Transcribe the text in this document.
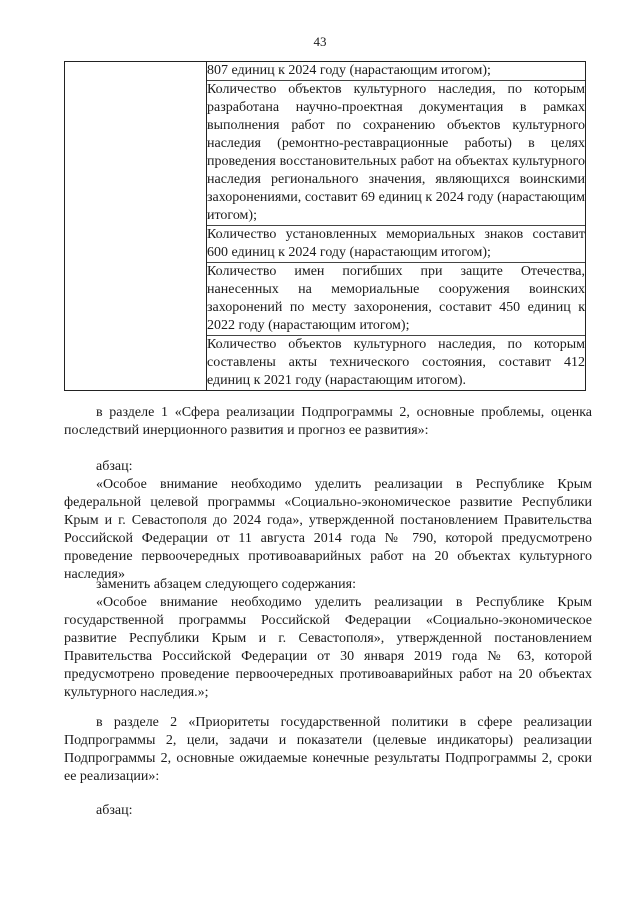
43

807 единиц к 2024 году (нарастающим итогом);
Количество объектов культурного наследия, по которым разработана научно-проектная документация в рамках выполнения работ по сохранению объектов культурного наследия (ремонтно-реставрационные работы) в целях проведения восстановительных работ на объектах культурного наследия регионального значения, являющихся воинскими захоронениями, составит 69 единиц к 2024 году (нарастающим итогом);
Количество установленных мемориальных знаков составит 600 единиц к 2024 году (нарастающим итогом);
Количество имен погибших при защите Отечества, нанесенных на мемориальные сооружения воинских захоронений по месту захоронения, составит 450 единиц к 2022 году (нарастающим итогом);
Количество объектов культурного наследия, по которым составлены акты технического состояния, составит 412 единиц к 2021 году (нарастающим итогом).
в разделе 1 «Сфера реализации Подпрограммы 2, основные проблемы, оценка последствий инерционного развития и прогноз ее развития»:
абзац:
«Особое внимание необходимо уделить реализации в Республике Крым федеральной целевой программы «Социально-экономическое развитие Республики Крым и г. Севастополя до 2024 года», утвержденной постановлением Правительства Российской Федерации от 11 августа 2014 года № 790, которой предусмотрено проведение первоочередных противоаварийных работ на 20 объектах культурного наследия»
заменить абзацем следующего содержания:
«Особое внимание необходимо уделить реализации в Республике Крым государственной программы Российской Федерации «Социально-экономическое развитие Республики Крым и г. Севастополя», утвержденной постановлением Правительства Российской Федерации от 30 января 2019 года № 63, которой предусмотрено проведение первоочередных противоаварийных работ на 20 объектах культурного наследия.»;
в разделе 2 «Приоритеты государственной политики в сфере реализации Подпрограммы 2, цели, задачи и показатели (целевые индикаторы) реализации Подпрограммы 2, основные ожидаемые конечные результаты Подпрограммы 2, сроки ее реализации»:
абзац:
